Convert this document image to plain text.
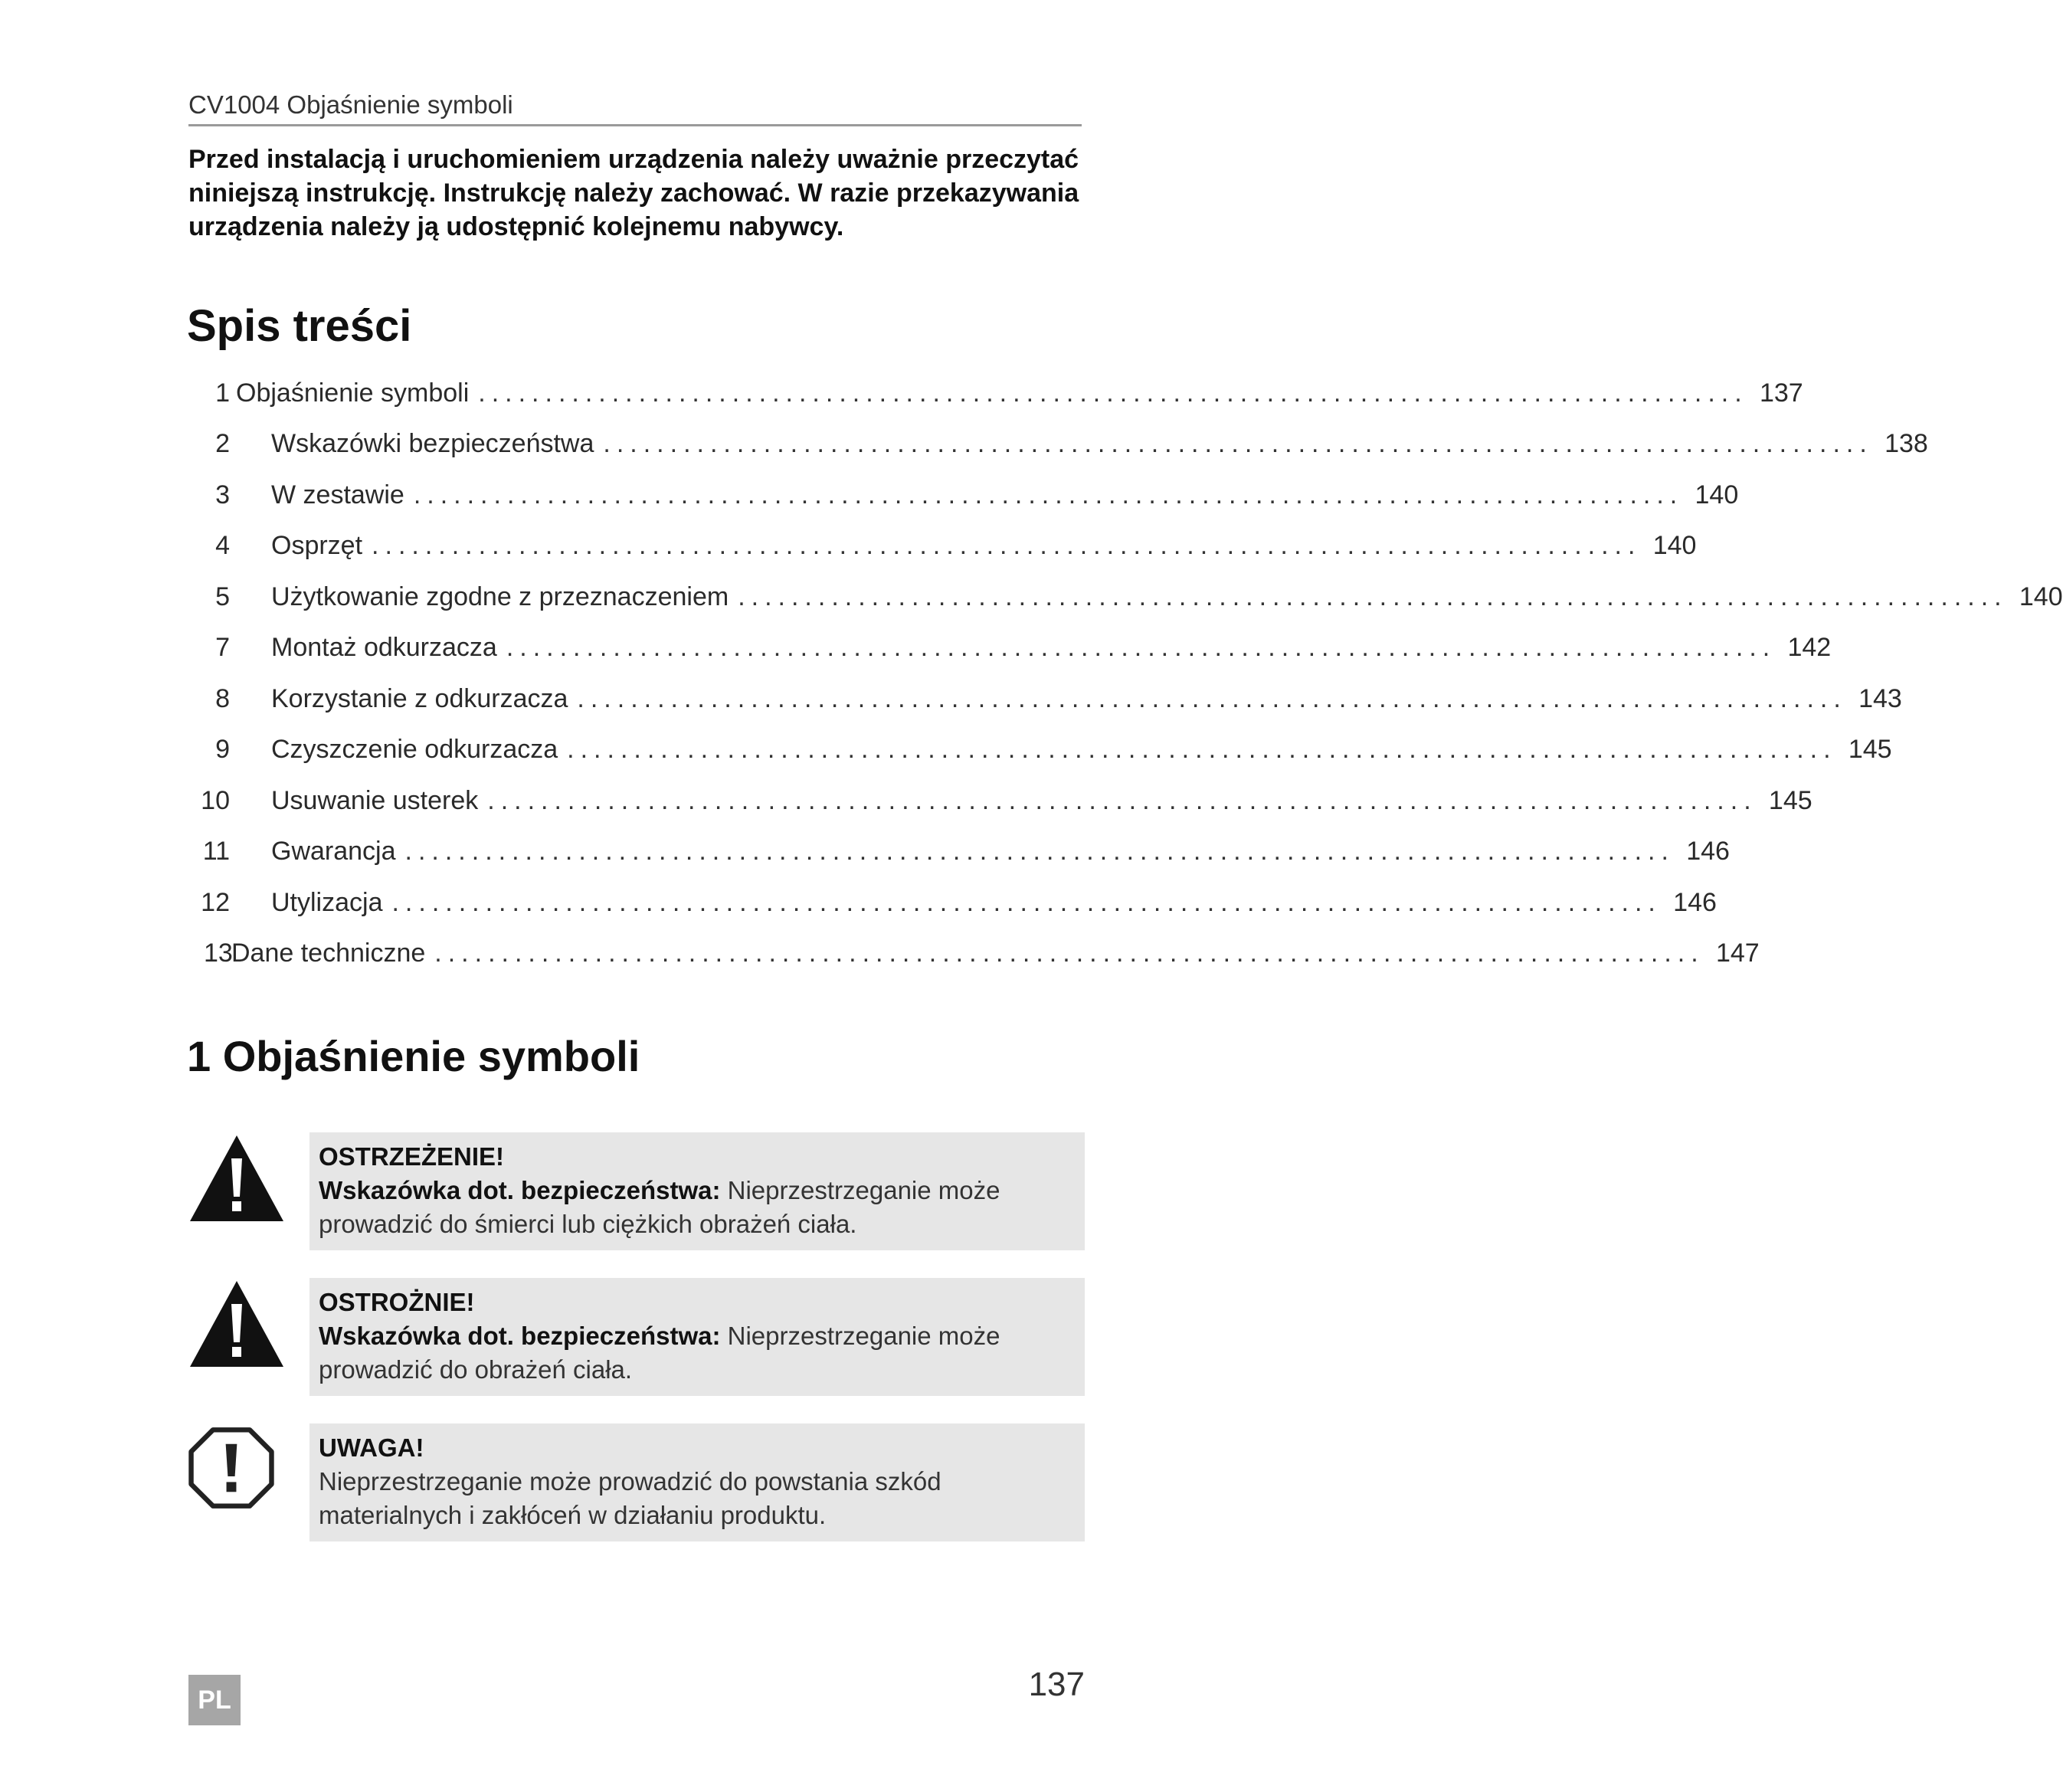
CV1004 Objaśnienie symboli
Przed instalacją i uruchomieniem urządzenia należy uważnie przeczytać niniejszą instrukcję. Instrukcję należy zachować. W razie przekazywania urządzenia należy ją udostępnić kolejnemu nabywcy.
Spis treści
1 Objaśnienie symboli ............................................................................................... 137
2 Wskazówki bezpieczeństwa ............................................................................................... 138
3 W zestawie ............................................................................................... 140
4 Osprzęt ............................................................................................... 140
5 Użytkowanie zgodne z przeznaczeniem ............................................................................................... 140
7 Montaż odkurzacza ............................................................................................... 142
8 Korzystanie z odkurzacza ............................................................................................... 143
9 Czyszczenie odkurzacza ............................................................................................... 145
10 Usuwanie usterek ............................................................................................... 145
11 Gwarancja ............................................................................................... 146
12 Utylizacja ............................................................................................... 146
13
Dane techniczne ............................................................................................... 147
1 Objaśnienie symboli
OSTRZEŻENIE!
Wskazówka dot. bezpieczeństwa: Nieprzestrzeganie może prowadzić do śmierci lub ciężkich obrażeń ciała.
OSTROŻNIE!
Wskazówka dot. bezpieczeństwa: Nieprzestrzeganie może prowadzić do obrażeń ciała.
UWAGA!
Nieprzestrzeganie może prowadzić do powstania szkód materialnych i zakłóceń w działaniu produktu.
PL	137
